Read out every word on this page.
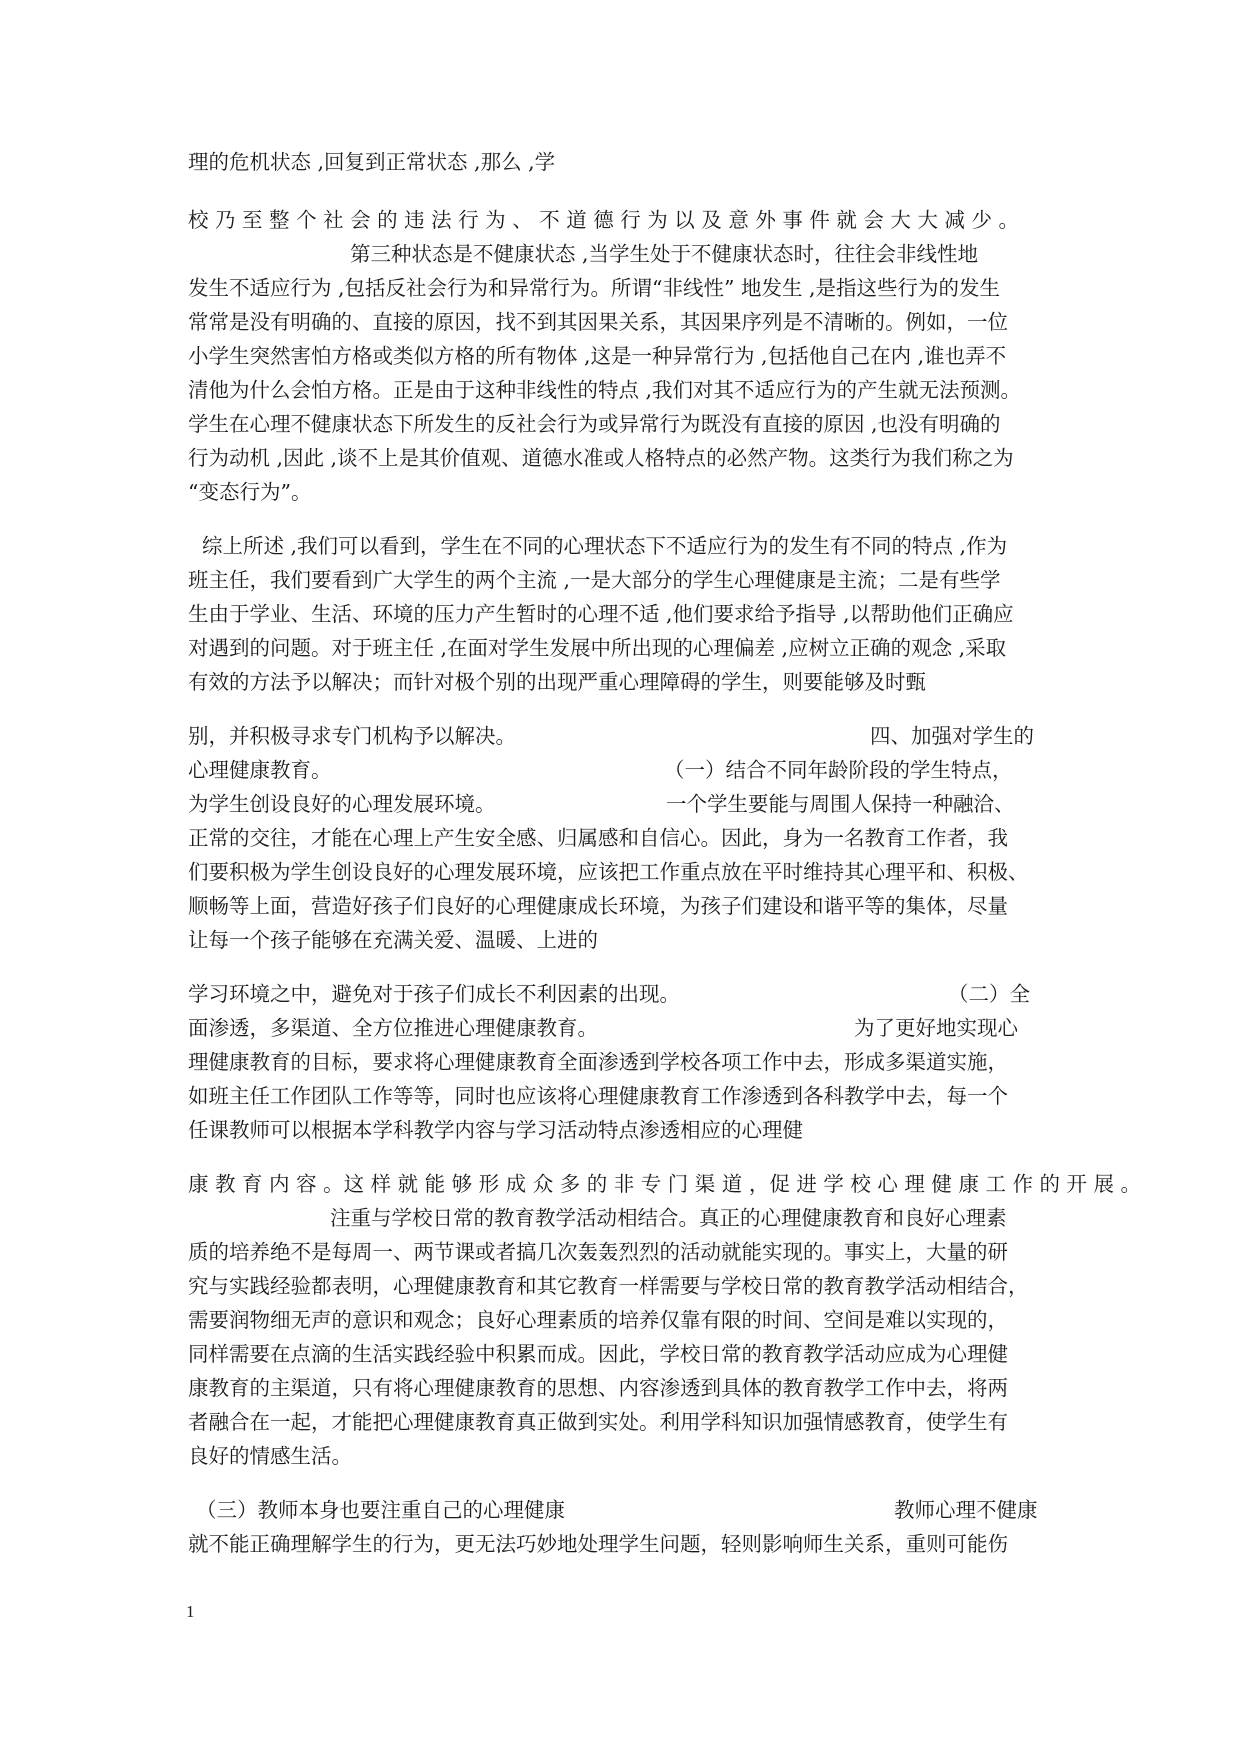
理的危机状态 ,回复到正常状态 ,那么 ,学
校 乃 至 整 个 社 会 的 违 法 行 为 、 不 道 德 行 为 以 及 意 外 事 件 就 会 大 大 减 少 。
第三种状态是不健康状态 ,当学生处于不健康状态时，往往会非线性地
发生不适应行为 ,包括反社会行为和异常行为。所谓“非线性” 地发生 ,是指这些行为的发生
常常是没有明确的、直接的原因，找不到其因果关系，其因果序列是不清晰的。例如，一位
小学生突然害怕方格或类似方格的所有物体 ,这是一种异常行为 ,包括他自己在内 ,谁也弄不
清他为什么会怕方格。正是由于这种非线性的特点 ,我们对其不适应行为的产生就无法预测。
学生在心理不健康状态下所发生的反社会行为或异常行为既没有直接的原因 ,也没有明确的
行为动机 ,因此 ,谈不上是其价值观、道德水准或人格特点的必然产物。这类行为我们称之为
“变态行为”。
综上所述 ,我们可以看到，学生在不同的心理状态下不适应行为的发生有不同的特点 ,作为
班主任，我们要看到广大学生的两个主流 ,一是大部分的学生心理健康是主流；二是有些学
生由于学业、生活、环境的压力产生暂时的心理不适 ,他们要求给予指导 ,以帮助他们正确应
对遇到的问题。对于班主任 ,在面对学生发展中所出现的心理偏差 ,应树立正确的观念 ,采取
有效的方法予以解决；而针对极个别的出现严重心理障碍的学生，则要能够及时甄
别，并积极寻求专门机构予以解决。	四、加强对学生的
心理健康教育。	（一）结合不同年龄阶段的学生特点，
为学生创设良好的心理发展环境。	一个学生要能与周围人保持一种融洽、
正常的交往，才能在心理上产生安全感、归属感和自信心。因此，身为一名教育工作者，我
们要积极为学生创设良好的心理发展环境，应该把工作重点放在平时维持其心理平和、积极、
顺畅等上面，营造好孩子们良好的心理健康成长环境，为孩子们建设和谐平等的集体，尽量
让每一个孩子能够在充满关爱、温暖、上进的
学习环境之中，避免对于孩子们成长不利因素的出现。	（二）全
面渗透，多渠道、全方位推进心理健康教育。	为了更好地实现心
理健康教育的目标，要求将心理健康教育全面渗透到学校各项工作中去，形成多渠道实施，
如班主任工作团队工作等等，同时也应该将心理健康教育工作渗透到各科教学中去，每一个
任课教师可以根据本学科教学内容与学习活动特点渗透相应的心理健
康 教 育 内 容 。这 样 就 能 够 形 成 众 多 的 非 专 门 渠 道 ，促 进 学 校 心 理 健 康 工 作 的 开 展 。
注重与学校日常的教育教学活动相结合。真正的心理健康教育和良好心理素
质的培养绝不是每周一、两节课或者搞几次轰轰烈烈的活动就能实现的。事实上，大量的研
究与实践经验都表明，心理健康教育和其它教育一样需要与学校日常的教育教学活动相结合，
需要润物细无声的意识和观念；良好心理素质的培养仅靠有限的时间、空间是难以实现的，
同样需要在点滴的生活实践经验中积累而成。因此，学校日常的教育教学活动应成为心理健
康教育的主渠道，只有将心理健康教育的思想、内容渗透到具体的教育教学工作中去，将两
者融合在一起，才能把心理健康教育真正做到实处。利用学科知识加强情感教育，使学生有
良好的情感生活。
（三）教师本身也要注重自己的心理健康	教师心理不健康
就不能正确理解学生的行为，更无法巧妙地处理学生问题，轻则影响师生关系，重则可能伤
1
